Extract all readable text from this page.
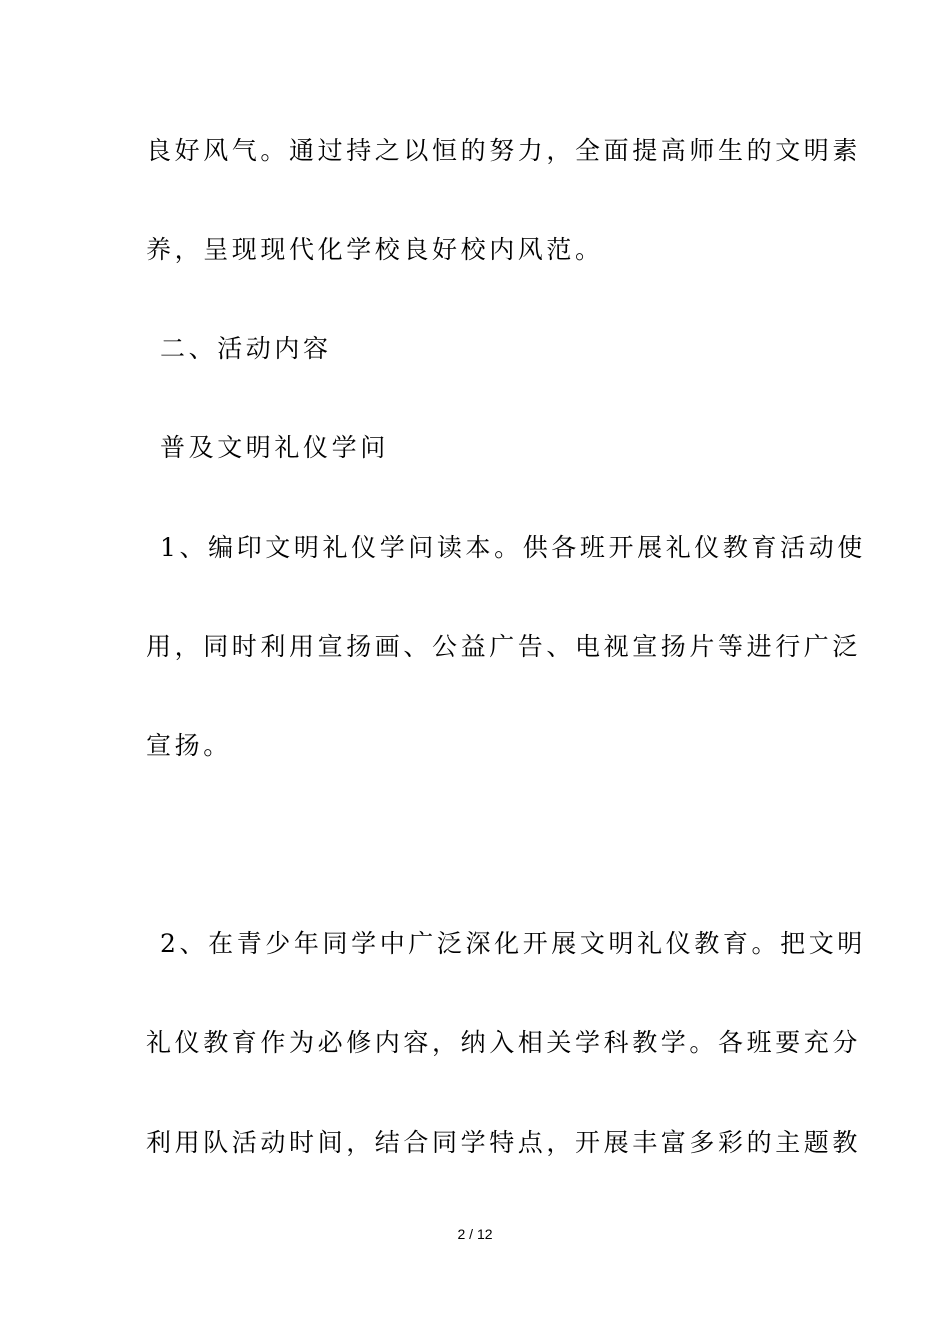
良好风气。通过持之以恒的努力，全面提高师生的文明素
养，呈现现代化学校良好校内风范。
二、活动内容
普及文明礼仪学问
1、编印文明礼仪学问读本。供各班开展礼仪教育活动使
用，同时利用宣扬画、公益广告、电视宣扬片等进行广泛
宣扬。
2、在青少年同学中广泛深化开展文明礼仪教育。把文明
礼仪教育作为必修内容，纳入相关学科教学。各班要充分
利用队活动时间，结合同学特点，开展丰富多彩的主题教
2 / 12
